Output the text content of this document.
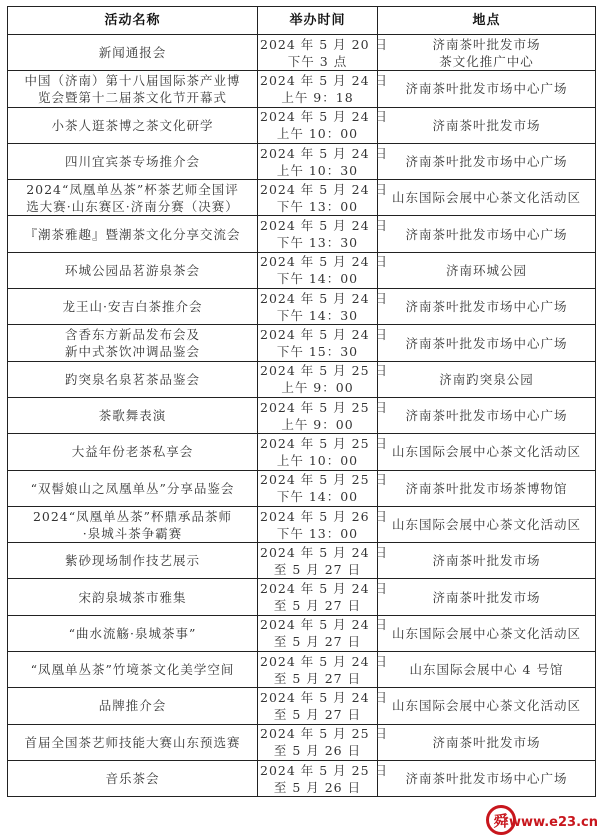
活动名称	举办时间	地点

新闻通报会	2024 年 5 月 20 日
下午 3 点	济南茶叶批发市场
茶文化推广中心

中国（济南）第十八届国际茶产业博
览会暨第十二届茶文化节开幕式	2024 年 5 月 24 日
上午 9：18	济南茶叶批发市场中心广场

小茶人逛茶博之茶文化研学	2024 年 5 月 24 日
上午 10：00	济南茶叶批发市场

四川宜宾茶专场推介会	2024 年 5 月 24 日
上午 10：30	济南茶叶批发市场中心广场

2024“凤凰单丛茶”杯茶艺师全国评
选大赛·山东赛区·济南分赛（决赛）	2024 年 5 月 24 日
下午 13：00	山东国际会展中心茶文化活动区

『潮茶雅趣』暨潮茶文化分享交流会	2024 年 5 月 24 日
下午 13：30	济南茶叶批发市场中心广场

环城公园品茗游泉茶会	2024 年 5 月 24 日
下午 14：00	济南环城公园

龙王山·安吉白茶推介会	2024 年 5 月 24 日
下午 14：30	济南茶叶批发市场中心广场

含香东方新品发布会及
新中式茶饮冲调品鉴会	2024 年 5 月 24 日
下午 15：30	济南茶叶批发市场中心广场

趵突泉名泉茗茶品鉴会	2024 年 5 月 25 日
上午 9：00	济南趵突泉公园

茶歌舞表演	2024 年 5 月 25 日
上午 9：00	济南茶叶批发市场中心广场

大益年份老茶私享会	2024 年 5 月 25 日
上午 10：00	山东国际会展中心茶文化活动区

“双髻娘山之凤凰单丛”分享品鉴会	2024 年 5 月 25 日
下午 14：00	济南茶叶批发市场茶博物馆

2024“凤凰单丛茶”杯鼎承品茶师
·泉城斗茶争霸赛	2024 年 5 月 26 日
下午 13：00	山东国际会展中心茶文化活动区

紫砂现场制作技艺展示	2024 年 5 月 24 日
至 5 月 27 日	济南茶叶批发市场

宋韵泉城茶市雅集	2024 年 5 月 24 日
至 5 月 27 日	济南茶叶批发市场

“曲水流觞·泉城茶事”	2024 年 5 月 24 日
至 5 月 27 日	山东国际会展中心茶文化活动区

“凤凰单丛茶”竹境茶文化美学空间	2024 年 5 月 24 日
至 5 月 27 日	山东国际会展中心 4 号馆

品牌推介会	2024 年 5 月 24 日
至 5 月 27 日	山东国际会展中心茶文化活动区

首届全国茶艺师技能大赛山东预选赛	2024 年 5 月 25 日
至 5 月 26 日	济南茶叶批发市场

音乐茶会	2024 年 5 月 25 日
至 5 月 26 日	济南茶叶批发市场中心广场
舜 www.e23.cn
